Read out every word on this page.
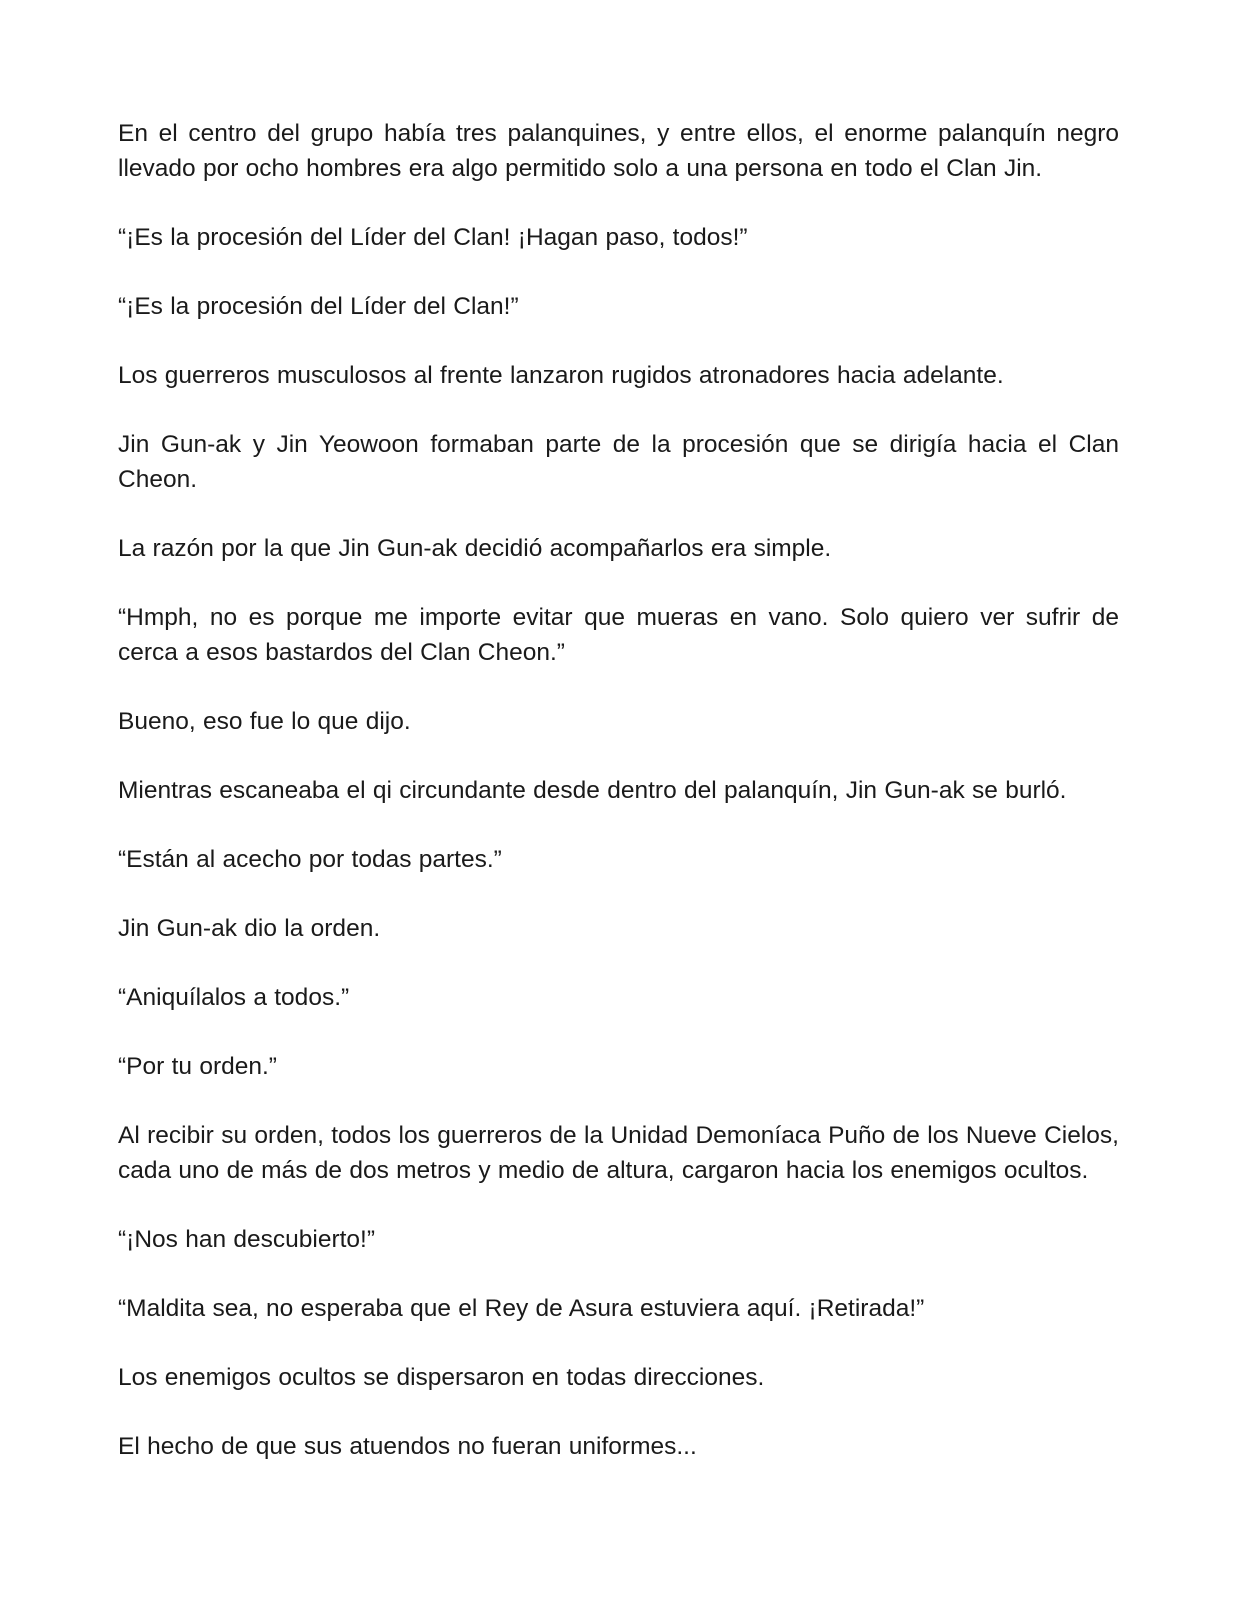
En el centro del grupo había tres palanquines, y entre ellos, el enorme palanquín negro llevado por ocho hombres era algo permitido solo a una persona en todo el Clan Jin.

“¡Es la procesión del Líder del Clan! ¡Hagan paso, todos!”

“¡Es la procesión del Líder del Clan!”

Los guerreros musculosos al frente lanzaron rugidos atronadores hacia adelante.

Jin Gun-ak y Jin Yeowoon formaban parte de la procesión que se dirigía hacia el Clan Cheon.

La razón por la que Jin Gun-ak decidió acompañarlos era simple.

“Hmph, no es porque me importe evitar que mueras en vano. Solo quiero ver sufrir de cerca a esos bastardos del Clan Cheon.”

Bueno, eso fue lo que dijo.

Mientras escaneaba el qi circundante desde dentro del palanquín, Jin Gun-ak se burló.

“Están al acecho por todas partes.”

Jin Gun-ak dio la orden.

“Aniquílalos a todos.”

“Por tu orden.”

Al recibir su orden, todos los guerreros de la Unidad Demoníaca Puño de los Nueve Cielos, cada uno de más de dos metros y medio de altura, cargaron hacia los enemigos ocultos.

“¡Nos han descubierto!”

“Maldita sea, no esperaba que el Rey de Asura estuviera aquí. ¡Retirada!”

Los enemigos ocultos se dispersaron en todas direcciones.

El hecho de que sus atuendos no fueran uniformes...
